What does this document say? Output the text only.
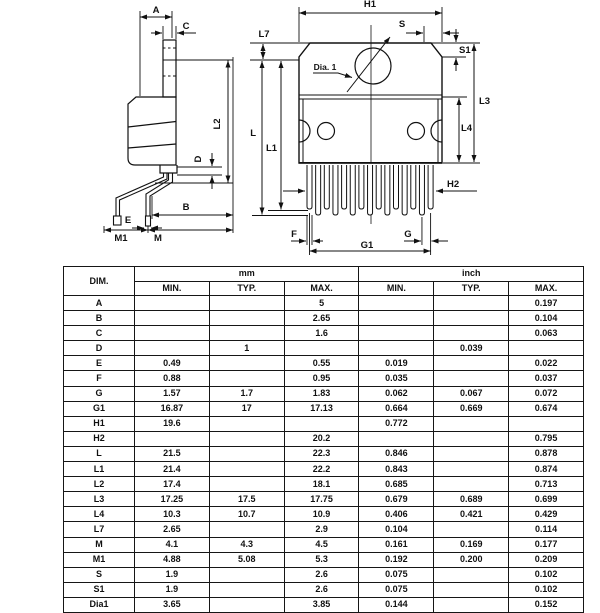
A
C
L2
D
B
E
M1	M
H1
S
S1
L7
Dia. 1
L
L1
L3
L4
H2
F	G
G1
DIM.	mm			inch		
	MIN.	TYP.	MAX.	MIN.	TYP.	MAX.
A			5			0.197
B			2.65			0.104
C			1.6			0.063
D		1			0.039	
E	0.49		0.55	0.019		0.022
F	0.88		0.95	0.035		0.037
G	1.57	1.7	1.83	0.062	0.067	0.072
G1	16.87	17	17.13	0.664	0.669	0.674
H1	19.6			0.772		
H2			20.2			0.795
L	21.5		22.3	0.846		0.878
L1	21.4		22.2	0.843		0.874
L2	17.4		18.1	0.685		0.713
L3	17.25	17.5	17.75	0.679	0.689	0.699
L4	10.3	10.7	10.9	0.406	0.421	0.429
L7	2.65		2.9	0.104		0.114
M	4.1	4.3	4.5	0.161	0.169	0.177
M1	4.88	5.08	5.3	0.192	0.200	0.209
S	1.9		2.6	0.075		0.102
S1	1.9		2.6	0.075		0.102
Dia1	3.65		3.85	0.144		0.152
